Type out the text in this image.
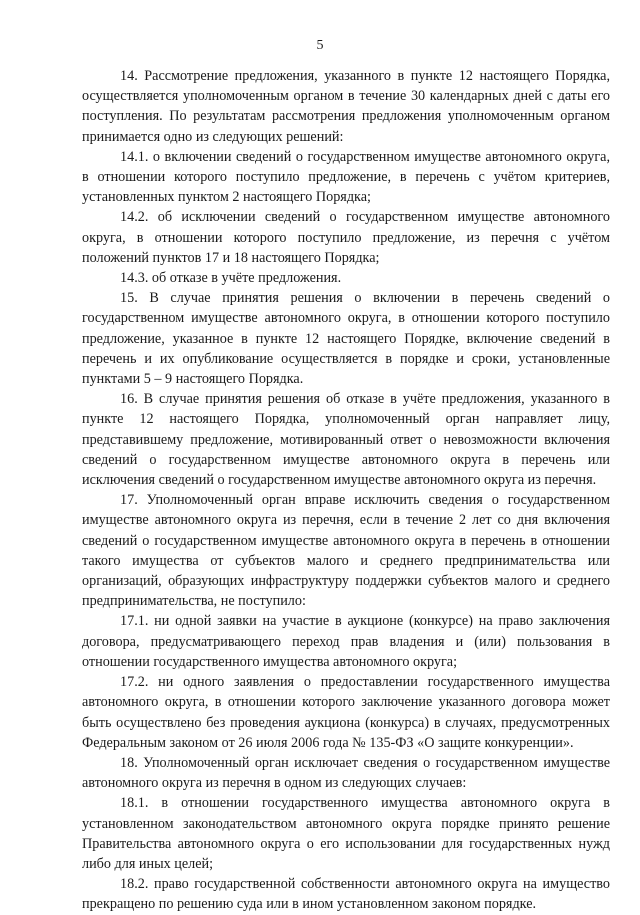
5

14. Рассмотрение предложения, указанного в пункте 12 настоящего Порядка, осуществляется уполномоченным органом в течение 30 календарных дней с даты его поступления. По результатам рассмотрения предложения уполномоченным органом принимается одно из следующих решений:

14.1. о включении сведений о государственном имуществе автономного округа, в отношении которого поступило предложение, в перечень с учётом критериев, установленных пунктом 2 настоящего Порядка;

14.2. об исключении сведений о государственном имуществе автономного округа, в отношении которого поступило предложение, из перечня с учётом положений пунктов 17 и 18 настоящего Порядка;

14.3. об отказе в учёте предложения.

15. В случае принятия решения о включении в перечень сведений о государственном имуществе автономного округа, в отношении которого поступило предложение, указанное в пункте 12 настоящего Порядке, включение сведений в перечень и их опубликование осуществляется в порядке и сроки, установленные пунктами 5 – 9 настоящего Порядка.

16. В случае принятия решения об отказе в учёте предложения, указанного в пункте 12 настоящего Порядка, уполномоченный орган направляет лицу, представившему предложение, мотивированный ответ о невозможности включения сведений о государственном имуществе автономного округа в перечень или исключения сведений о государственном имуществе автономного округа из перечня.

17. Уполномоченный орган вправе исключить сведения о государственном имуществе автономного округа из перечня, если в течение 2 лет со дня включения сведений о государственном имуществе автономного округа в перечень в отношении такого имущества от субъектов малого и среднего предпринимательства или организаций, образующих инфраструктуру поддержки субъектов малого и среднего предпринимательства, не поступило:

17.1. ни одной заявки на участие в аукционе (конкурсе) на право заключения договора, предусматривающего переход прав владения и (или) пользования в отношении государственного имущества автономного округа;

17.2. ни одного заявления о предоставлении государственного имущества автономного округа, в отношении которого заключение указанного договора может быть осуществлено без проведения аукциона (конкурса) в случаях, предусмотренных Федеральным законом от 26 июля 2006 года № 135-ФЗ «О защите конкуренции».

18. Уполномоченный орган исключает сведения о государственном имуществе автономного округа из перечня в одном из следующих случаев:

18.1. в отношении государственного имущества автономного округа в установленном законодательством автономного округа порядке принято решение Правительства автономного округа о его использовании для государственных нужд либо для иных целей;

18.2. право государственной собственности автономного округа на имущество прекращено по решению суда или в ином установленном законом порядке.
